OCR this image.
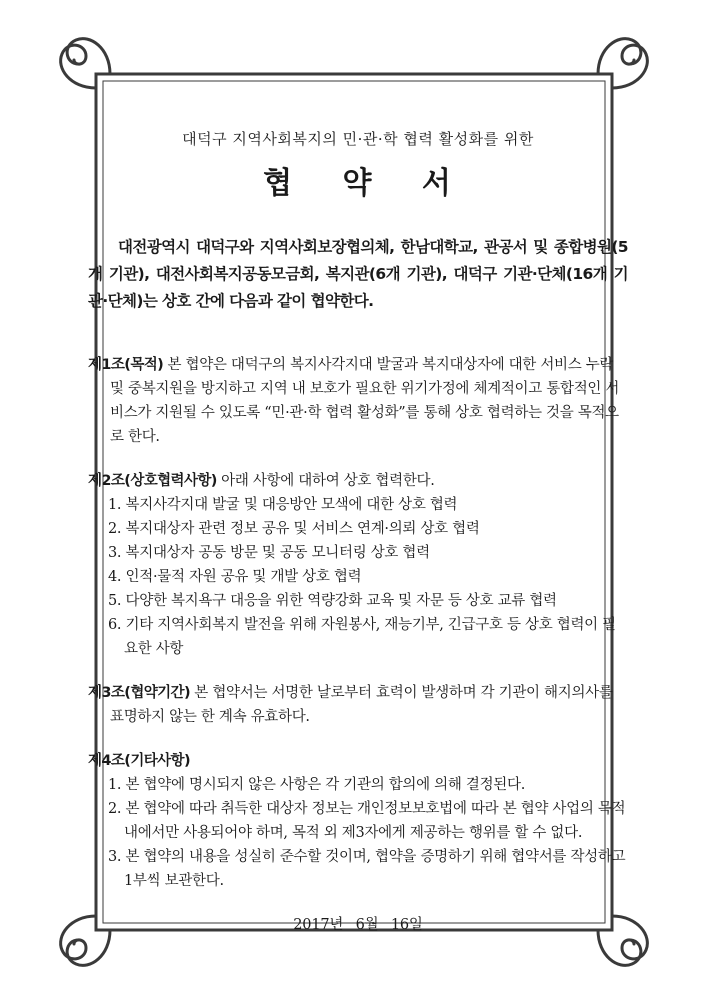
대덕구 지역사회복지의 민·관·학 협력 활성화를 위한

협 약 서

대전광역시 대덕구와 지역사회보장협의체, 한남대학교, 관공서 및 종합병원(5개 기관), 대전사회복지공동모금회, 복지관(6개 기관), 대덕구 기관·단체(16개 기관·단체)는 상호 간에 다음과 같이 협약한다.

제1조(목적) 본 협약은 대덕구의 복지사각지대 발굴과 복지대상자에 대한 서비스 누락 및 중복지원을 방지하고 지역 내 보호가 필요한 위기가정에 체계적이고 통합적인 서비스가 지원될 수 있도록 “민·관·학 협력 활성화”를 통해 상호 협력하는 것을 목적으로 한다.

제2조(상호협력사항) 아래 사항에 대하여 상호 협력한다.

1. 복지사각지대 발굴 및 대응방안 모색에 대한 상호 협력
2. 복지대상자 관련 정보 공유 및 서비스 연계·의뢰 상호 협력
3. 복지대상자 공동 방문 및 공동 모니터링 상호 협력
4. 인적·물적 자원 공유 및 개발 상호 협력
5. 다양한 복지욕구 대응을 위한 역량강화 교육 및 자문 등 상호 교류 협력
6. 기타 지역사회복지 발전을 위해 자원봉사, 재능기부, 긴급구호 등 상호 협력이 필요한 사항

제3조(협약기간) 본 협약서는 서명한 날로부터 효력이 발생하며 각 기관이 해지의사를 표명하지 않는 한 계속 유효하다.

제4조(기타사항)

1. 본 협약에 명시되지 않은 사항은 각 기관의 합의에 의해 결정된다.
2. 본 협약에 따라 취득한 대상자 정보는 개인정보보호법에 따라 본 협약 사업의 목적 내에서만 사용되어야 하며, 목적 외 제3자에게 제공하는 행위를 할 수 없다.
3. 본 협약의 내용을 성실히 준수할 것이며, 협약을 증명하기 위해 협약서를 작성하고 1부씩 보관한다.

2017년 6월 16일
